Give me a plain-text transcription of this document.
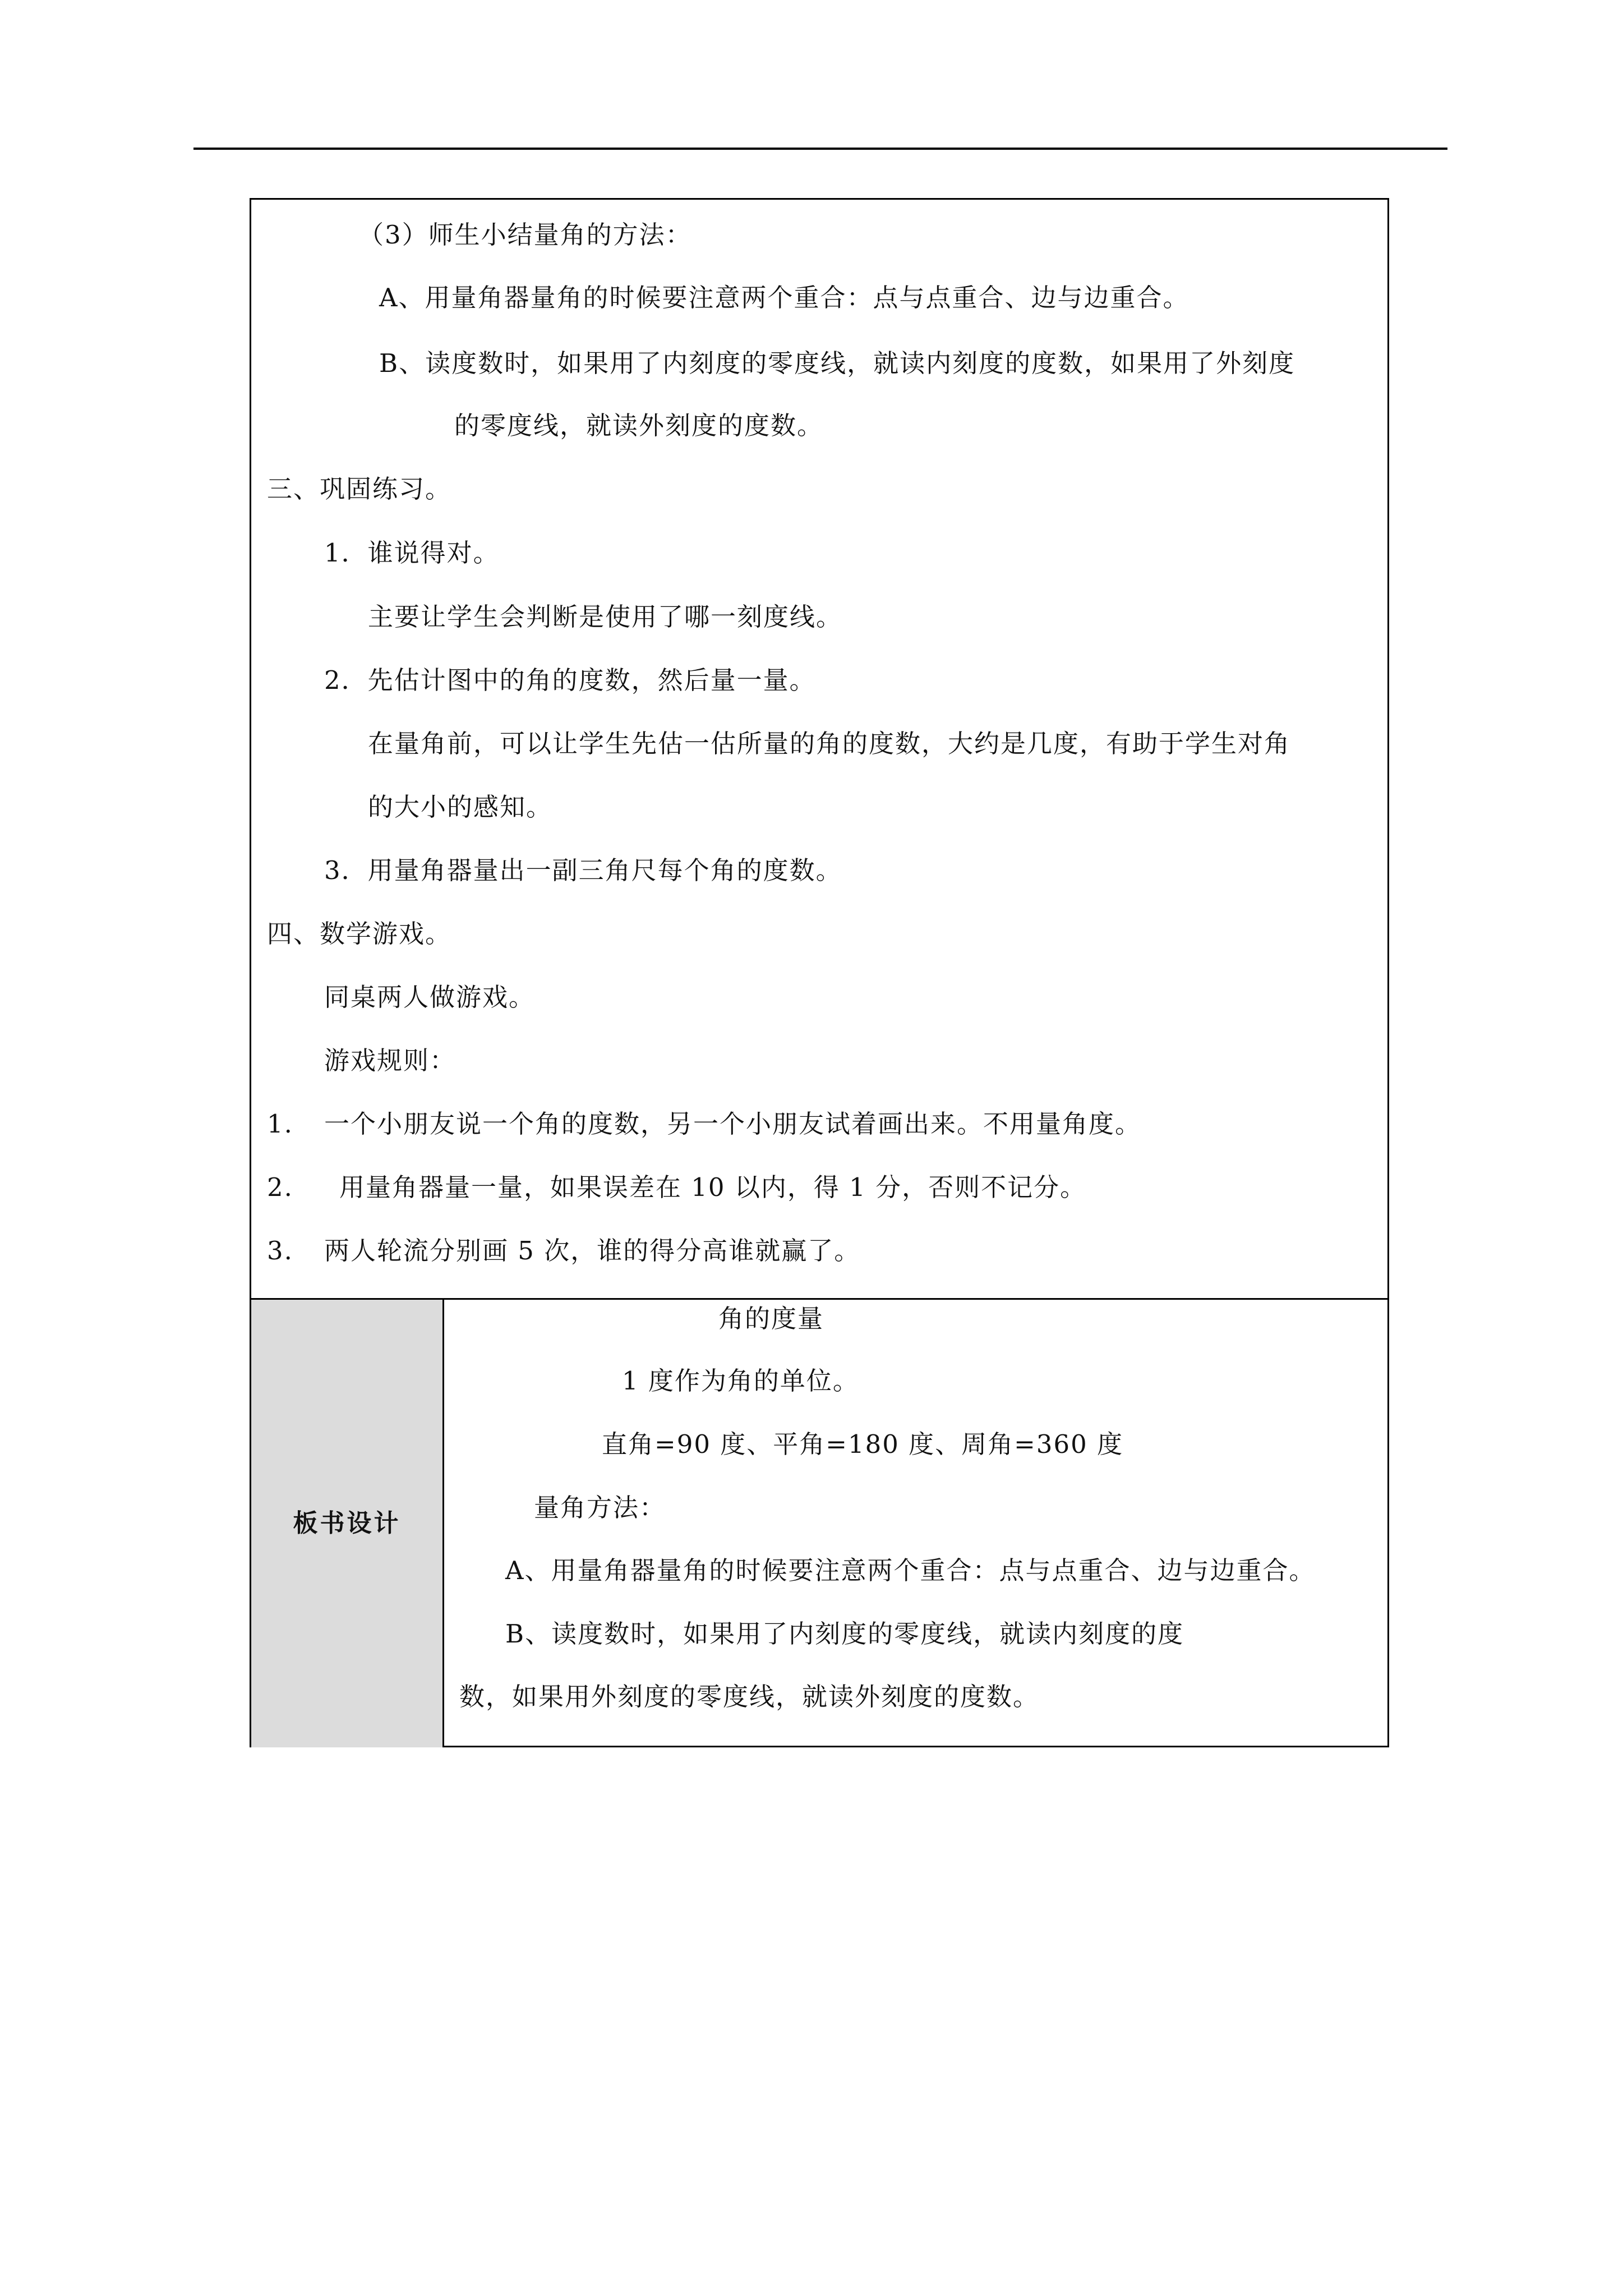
（3）师生小结量角的方法：
A、用量角器量角的时候要注意两个重合：点与点重合、边与边重合。
B、读度数时，如果用了内刻度的零度线，就读内刻度的度数，如果用了外刻度
的零度线，就读外刻度的度数。
三、巩固练习。
1．谁说得对。
主要让学生会判断是使用了哪一刻度线。
2．先估计图中的角的度数，然后量一量。
在量角前，可以让学生先估一估所量的角的度数，大约是几度，有助于学生对角
的大小的感知。
3．用量角器量出一副三角尺每个角的度数。
四、数学游戏。
同桌两人做游戏。
游戏规则：
1. 一个小朋友说一个角的度数，另一个小朋友试着画出来。不用量角度。
2. 用量角器量一量，如果误差在 10 以内，得 1 分，否则不记分。
3. 两人轮流分别画 5 次，谁的得分高谁就赢了。
板书设计
角的度量
1 度作为角的单位。
直角=90 度、平角=180 度、周角=360 度
量角方法：
A、用量角器量角的时候要注意两个重合：点与点重合、边与边重合。
B、读度数时，如果用了内刻度的零度线，就读内刻度的度
数，如果用外刻度的零度线，就读外刻度的度数。
